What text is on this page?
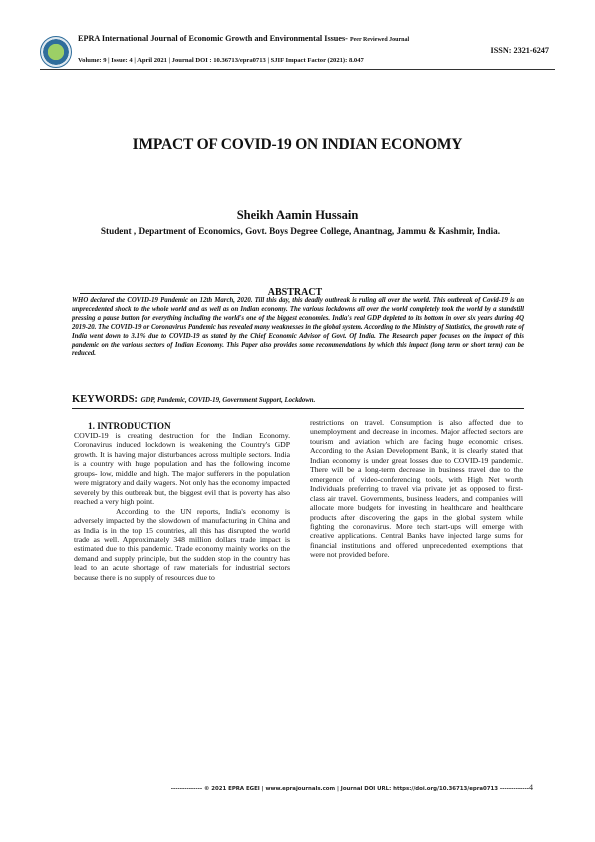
EPRA International Journal of Economic Growth and Environmental Issues- Peer Reviewed Journal
ISSN: 2321-6247
Volume: 9 | Issue: 4 | April 2021 | Journal DOI : 10.36713/epra0713 | SJIF Impact Factor (2021): 8.047
IMPACT OF COVID-19 ON INDIAN ECONOMY
Sheikh Aamin Hussain
Student , Department of Economics, Govt. Boys Degree College, Anantnag, Jammu & Kashmir, India.
ABSTRACT
WHO declared the COVID-19 Pandemic on 12th March, 2020. Till this day, this deadly outbreak is ruling all over the world. This outbreak of Covid-19 is an unprecedented shock to the whole world and as well as on Indian economy. The various lockdowns all over the world completely took the world by a standstill pressing a pause button for everything including the world's one of the biggest economies. India's real GDP depleted to its bottom in over six years during 4Q 2019-20. The COVID-19 or Coronavirus Pandemic has revealed many weaknesses in the global system. According to the Ministry of Statistics, the growth rate of India went down to 3.1% due to COVID-19 as stated by the Chief Economic Advisor of Govt. Of India. The Research paper focuses on the impact of this pandemic on the various sectors of Indian Economy. This Paper also provides some recommendations by which this impact (long term or short term) can be reduced.
KEYWORDS: GDP, Pandemic, COVID-19, Government Support, Lockdown.
1. INTRODUCTION

COVID-19 is creating destruction for the Indian Economy. Coronavirus induced lockdown is weakening the Country's GDP growth. It is having major disturbances across multiple sectors. India is a country with huge population and has the following income groups- low, middle and high. The major sufferers in the population were migratory and daily wagers. Not only has the economy impacted severely by this outbreak but, the biggest evil that is poverty has also reached a very high point.

According to the UN reports, India's economy is adversely impacted by the slowdown of manufacturing in China and as India is in the top 15 countries, all this has disrupted the world trade as well. Approximately 348 million dollars trade impact is estimated due to this pandemic. Trade economy mainly works on the demand and supply principle, but the sudden stop in the country has lead to an acute shortage of raw materials for industrial sectors because there is no supply of resources due to

restrictions on travel. Consumption is also affected due to unemployment and decrease in incomes. Major affected sectors are tourism and aviation which are facing huge economic crises. According to the Asian Development Bank, it is clearly stated that Indian economy is under great losses due to COVID-19 pandemic. There will be a long-term decrease in business travel due to the emergence of video-conferencing tools, with High Net worth Individuals preferring to travel via private jet as opposed to first-class air travel. Governments, business leaders, and companies will allocate more budgets for investing in healthcare and healthcare products after discovering the gaps in the global system while fighting the coronavirus. More tech start-ups will emerge with creative applications. Central Banks have injected large sums for financial institutions and offered unprecedented exemptions that were not provided before.

-------------- © 2021 EPRA EGEI | www.eprajournals.com | Journal DOI URL: https://doi.org/10.36713/epra0713 -------------4
